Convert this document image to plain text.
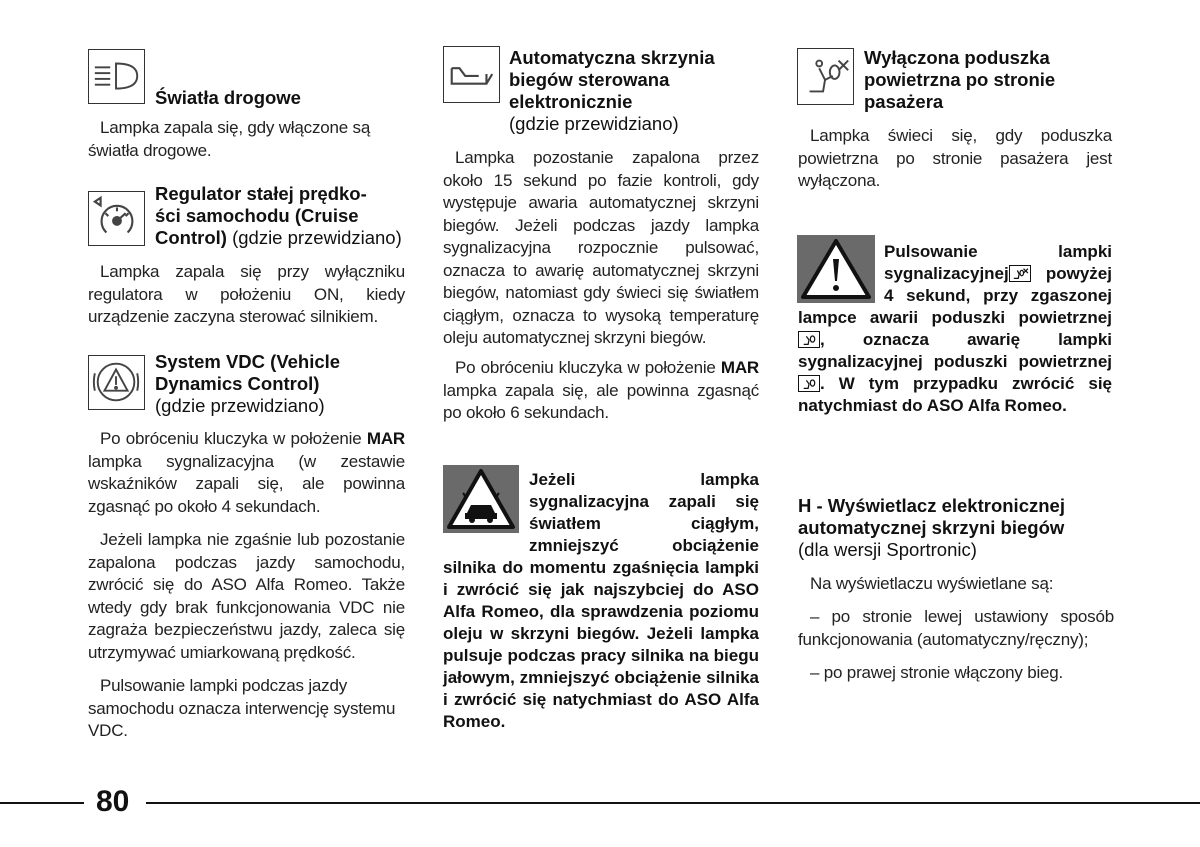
Światła drogowe
Lampka zapala się, gdy włączone są światła drogowe.
Regulator stałej prędko-
ści samochodu (Cruise
Control) (gdzie przewidziano)
Lampka zapala się przy wyłączniku regulatora w położeniu ON, kiedy urządzenie zaczyna sterować silnikiem.
System VDC (Vehicle
Dynamics Control)
(gdzie przewidziano)
Po obróceniu kluczyka w położenie MAR lampka sygnalizacyjna (w zestawie wskaźników zapali się, ale powinna zgasnąć po około 4 sekundach.
Jeżeli lampka nie zgaśnie lub pozostanie zapalona podczas jazdy samochodu, zwrócić się do ASO Alfa Romeo. Także wtedy gdy brak funkcjonowania VDC nie zagraża bezpieczeństwu jazdy, zaleca się utrzymywać umiarkowaną prędkość.
Pulsowanie lampki podczas jazdy samochodu oznacza interwencję systemu VDC.
Automatyczna skrzynia
biegów sterowana
elektronicznie
(gdzie przewidziano)
Lampka pozostanie zapalona przez około 15 sekund po fazie kontroli, gdy występuje awaria automatycznej skrzyni biegów. Jeżeli podczas jazdy lampka sygnalizacyjna rozpocznie pulsować, oznacza to awarię automatycznej skrzyni biegów, natomiast gdy świeci się światłem ciągłym, oznacza to wysoką temperaturę oleju automatycznej skrzyni biegów.
Po obróceniu kluczyka w położenie MAR lampka zapala się, ale powinna zgasnąć po około 6 sekundach.
Jeżeli lampka sygnalizacyjna zapali się światłem ciągłym, zmniejszyć obciążenie silnika do momentu zgaśnięcia lampki i zwrócić się jak najszybciej do ASO Alfa Romeo, dla sprawdzenia poziomu oleju w skrzyni biegów. Jeżeli lampka pulsuje podczas pracy silnika na biegu jałowym, zmniejszyć obciążenie silnika i zwrócić się natychmiast do ASO Alfa Romeo.
Wyłączona poduszka
powietrzna po stronie
pasażera
Lampka świeci się, gdy poduszka powietrzna po stronie pasażera jest wyłączona.
Pulsowanie lampki sygnalizacyjnej
powyżej 4 sekund, przy zgaszonej lampce awarii poduszki powietrznej
, oznacza awarię lampki sygnalizacyjnej poduszki powietrznej
. W tym przypadku zwrócić się natychmiast do ASO Alfa Romeo.
H - Wyświetlacz elektronicznej
automatycznej skrzyni biegów
(dla wersji Sportronic)
Na wyświetlaczu wyświetlane są:
– po stronie lewej ustawiony sposób funkcjonowania (automatyczny/ręczny);
– po prawej stronie włączony bieg.
80
